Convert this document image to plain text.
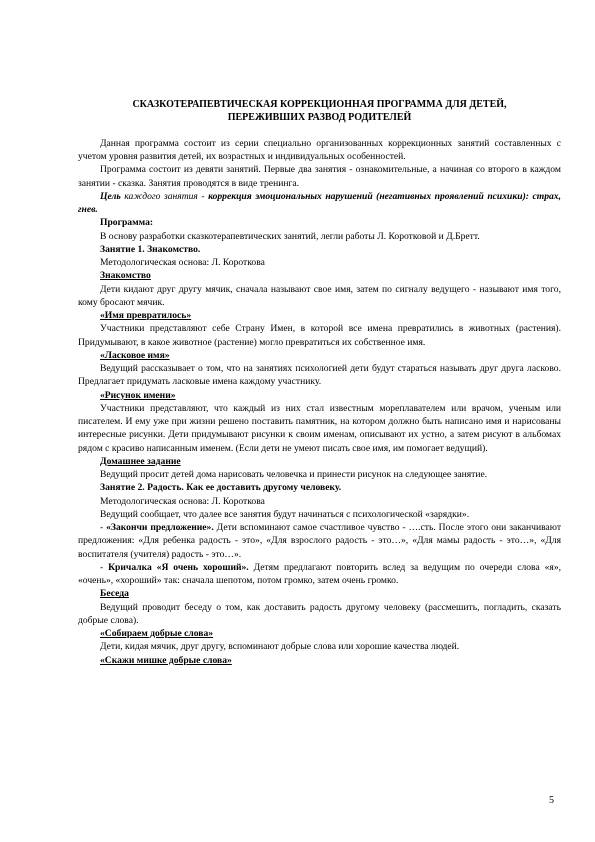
СКАЗКОТЕРАПЕВТИЧЕСКАЯ КОРРЕКЦИОННАЯ ПРОГРАММА ДЛЯ ДЕТЕЙ,
ПЕРЕЖИВШИХ РАЗВОД РОДИТЕЛЕЙ

Данная программа состоит из серии специально организованных коррекционных занятий составленных с учетом уровня развития детей, их возрастных и индивидуальных особенностей.

Программа состоит из девяти занятий. Первые два занятия - ознакомительные, а начиная со второго в каждом занятии - сказка. Занятия проводятся в виде тренинга.

Цель каждого занятия - коррекция эмоциональных нарушений (негативных проявлений психики): страх, гнев.

Программа:

В основу разработки сказкотерапевтических занятий, легли работы Л. Коротковой и Д.Бретт.

Занятие 1. Знакомство.

Методологическая основа: Л. Короткова

Знакомство

Дети кидают друг другу мячик, сначала называют свое имя, затем по сигналу ведущего - называют имя того, кому бросают мячик.

«Имя превратилось»

Участники представляют себе Страну Имен, в которой все имена превратились в животных (растения). Придумывают, в какое животное (растение) могло превратиться их собственное имя.

«Ласковое имя»

Ведущий рассказывает о том, что на занятиях психологией дети будут стараться называть друг друга ласково. Предлагает придумать ласковые имена каждому участнику.

«Рисунок имени»

Участники представляют, что каждый из них стал известным мореплавателем или врачом, ученым или писателем. И ему уже при жизни решено поставить памятник, на котором должно быть написано имя и нарисованы интересные рисунки. Дети придумывают рисунки к своим именам, описывают их устно, а затем рисуют в альбомах рядом с красиво написанным именем. (Если дети не умеют писать свое имя, им помогает ведущий).

Домашнее задание

Ведущий просит детей дома нарисовать человечка и принести рисунок на следующее занятие.

Занятие 2. Радость. Как ее доставить другому человеку.

Методологическая основа: Л. Короткова

Ведущий сообщает, что далее все занятия будут начинаться с психологической «зарядки».

- «Закончи предложение». Дети вспоминают самое счастливое чувство - ….сть. После этого они заканчивают предложения: «Для ребенка радость - это», «Для взрослого радость - это…», «Для мамы радость - это…», «Для воспитателя (учителя) радость - это…».

- Кричалка «Я очень хороший». Детям предлагают повторить вслед за ведущим по очереди слова «я», «очень», «хороший» так: сначала шепотом, потом громко, затем очень громко.

Беседа

Ведущий проводит беседу о том, как доставить радость другому человеку (рассмешить, погладить, сказать добрые слова).

«Собираем добрые слова»

Дети, кидая мячик, друг другу, вспоминают добрые слова или хорошие качества людей.

«Скажи мишке добрые слова»

5
